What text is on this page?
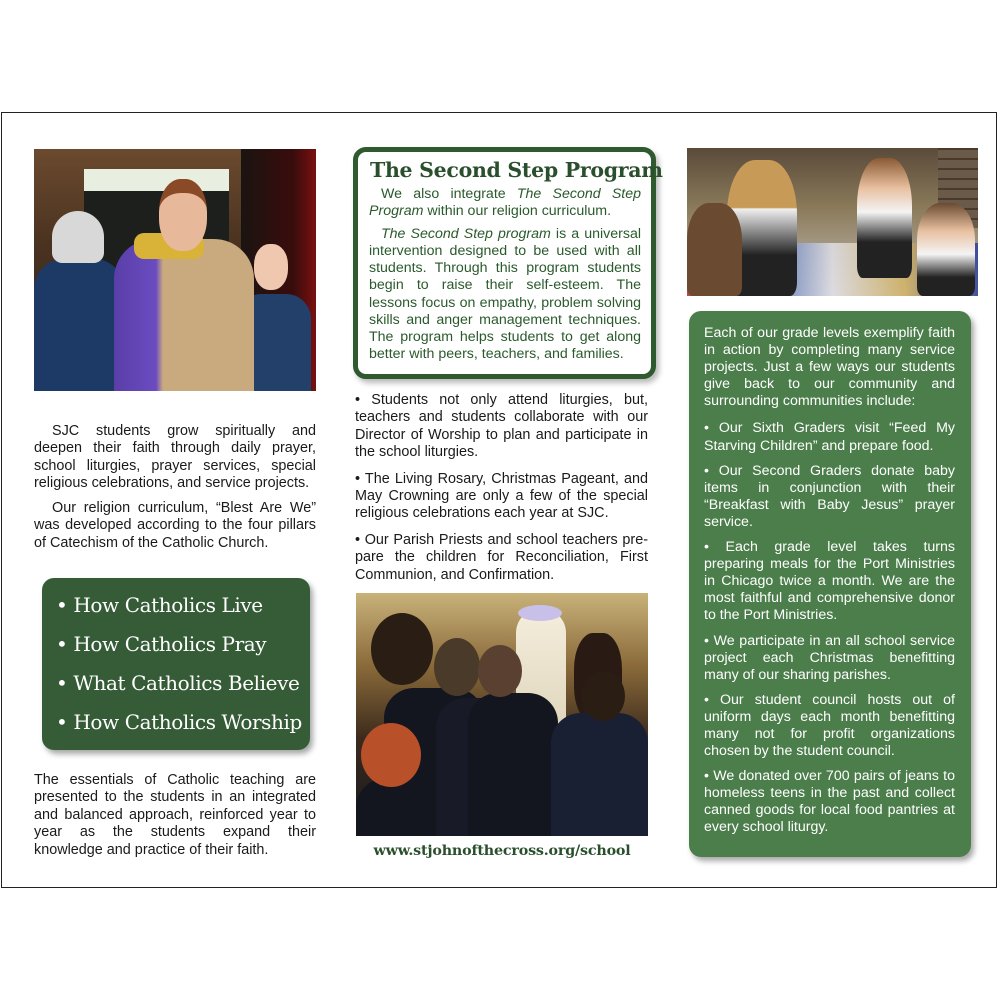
SJC students grow spiritually and deepen their faith through daily prayer, school liturgies, prayer services, special religious celebrations, and service projects.

Our religion curriculum, “Blest Are We” was developed according to the four pillars of Catechism of the Catholic Church.

• How Catholics Live
• How Catholics Pray
• What Catholics Believe
• How Catholics Worship

The essentials of Catholic teaching are presented to the students in an integrated and balanced approach, reinforced year to year as the students expand their knowledge and practice of their faith.

The Second Step Program

We also integrate The Second Step Program within our religion curriculum.

The Second Step program is a universal intervention designed to be used with all students. Through this program students begin to raise their self-esteem. The lessons focus on empathy, problem solving skills and anger management techniques. The program helps students to get along better with peers, teachers, and families.

• Students not only attend liturgies, but, teachers and students collaborate with our Director of Worship to plan and participate in the school liturgies.

• The Living Rosary, Christmas Pageant, and May Crowning are only a few of the special religious celebrations each year at SJC.

• Our Parish Priests and school teachers pre-pare the children for Reconciliation, First Communion, and Confirmation.

www.stjohnofthecross.org/school

Each of our grade levels exemplify faith in action by completing many service projects. Just a few ways our students give back to our community and surrounding communities include:

• Our Sixth Graders visit “Feed My Starving Children” and prepare food.

• Our Second Graders donate baby items in conjunction with their “Breakfast with Baby Jesus” prayer service.

• Each grade level takes turns preparing meals for the Port Ministries in Chicago twice a month. We are the most faithful and comprehensive donor to the Port Ministries.

• We participate in an all school service project each Christmas benefitting many of our sharing parishes.

• Our student council hosts out of uniform days each month benefitting many not for profit organizations chosen by the student council.

• We donated over 700 pairs of jeans to homeless teens in the past and collect canned goods for local food pantries at every school liturgy.
